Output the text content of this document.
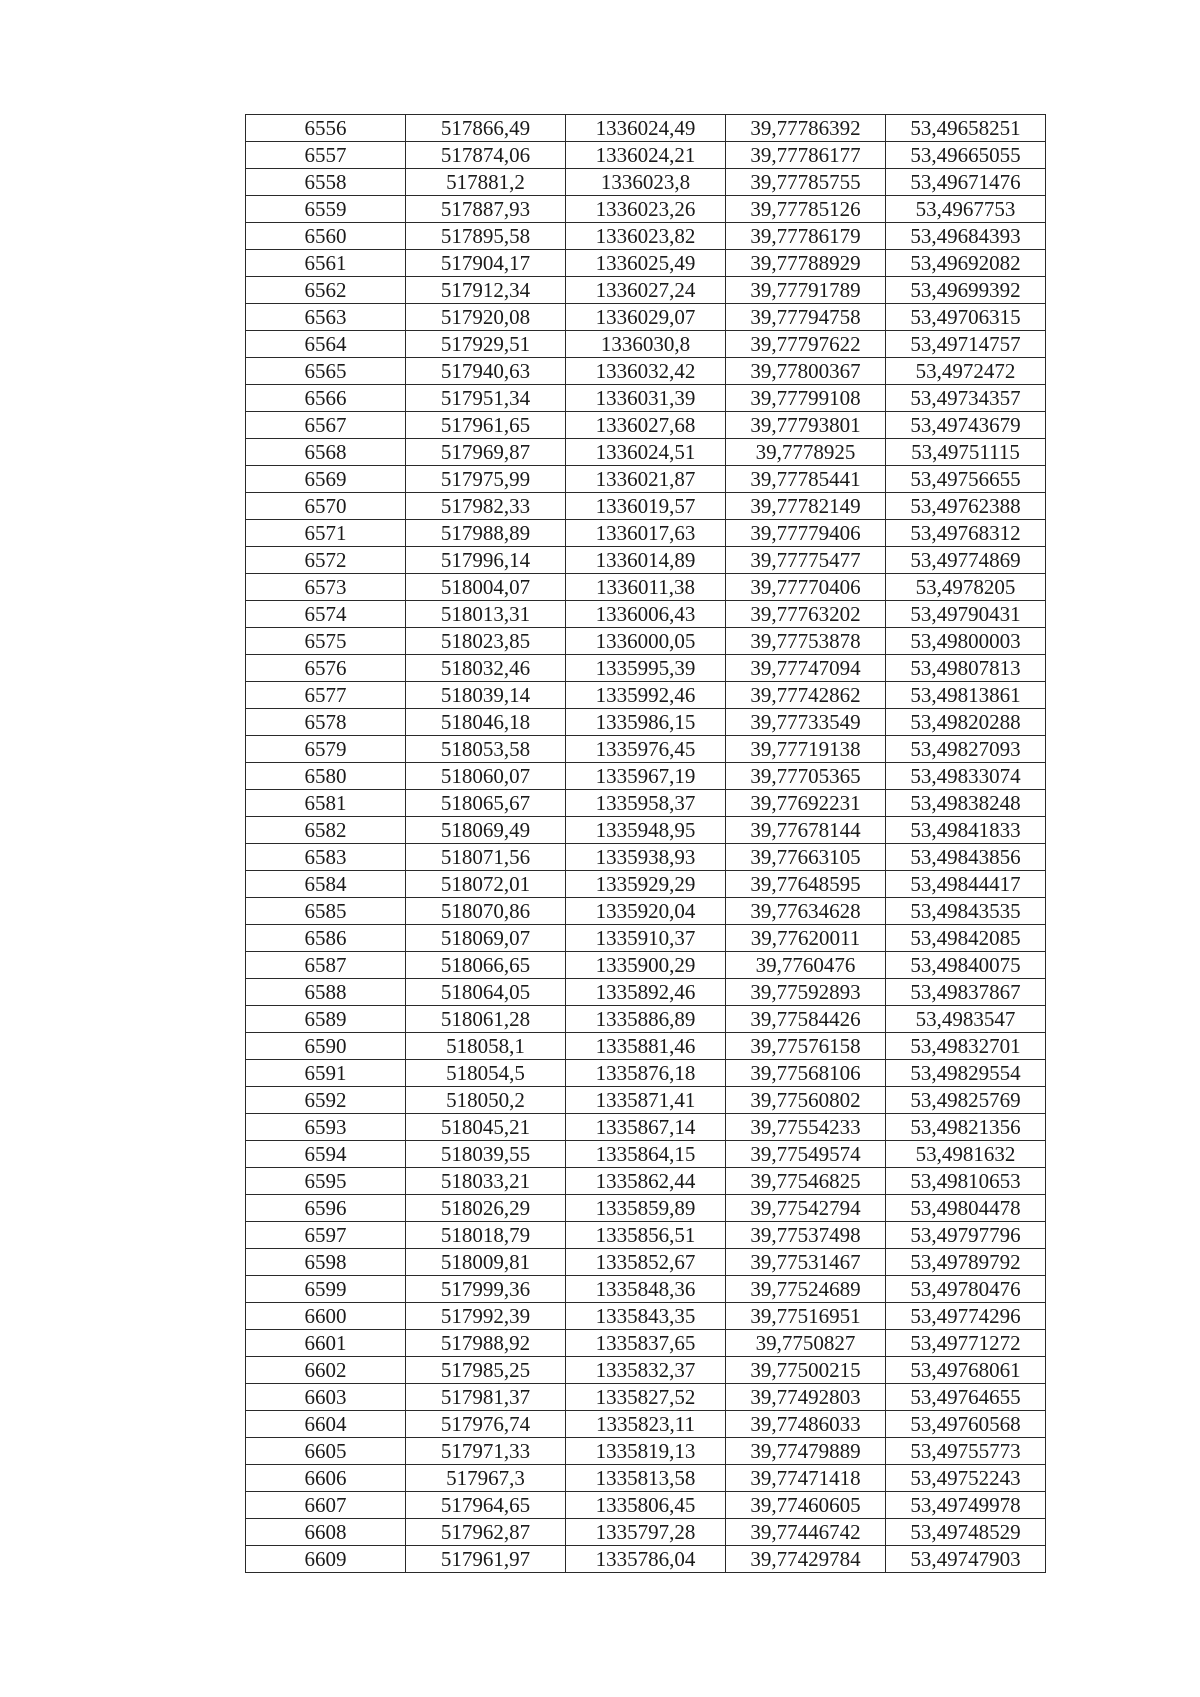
6556	517866,49	1336024,49	39,77786392	53,49658251
6557	517874,06	1336024,21	39,77786177	53,49665055
6558	517881,2	1336023,8	39,77785755	53,49671476
6559	517887,93	1336023,26	39,77785126	53,4967753
6560	517895,58	1336023,82	39,77786179	53,49684393
6561	517904,17	1336025,49	39,77788929	53,49692082
6562	517912,34	1336027,24	39,77791789	53,49699392
6563	517920,08	1336029,07	39,77794758	53,49706315
6564	517929,51	1336030,8	39,77797622	53,49714757
6565	517940,63	1336032,42	39,77800367	53,4972472
6566	517951,34	1336031,39	39,77799108	53,49734357
6567	517961,65	1336027,68	39,77793801	53,49743679
6568	517969,87	1336024,51	39,7778925	53,49751115
6569	517975,99	1336021,87	39,77785441	53,49756655
6570	517982,33	1336019,57	39,77782149	53,49762388
6571	517988,89	1336017,63	39,77779406	53,49768312
6572	517996,14	1336014,89	39,77775477	53,49774869
6573	518004,07	1336011,38	39,77770406	53,4978205
6574	518013,31	1336006,43	39,77763202	53,49790431
6575	518023,85	1336000,05	39,77753878	53,49800003
6576	518032,46	1335995,39	39,77747094	53,49807813
6577	518039,14	1335992,46	39,77742862	53,49813861
6578	518046,18	1335986,15	39,77733549	53,49820288
6579	518053,58	1335976,45	39,77719138	53,49827093
6580	518060,07	1335967,19	39,77705365	53,49833074
6581	518065,67	1335958,37	39,77692231	53,49838248
6582	518069,49	1335948,95	39,77678144	53,49841833
6583	518071,56	1335938,93	39,77663105	53,49843856
6584	518072,01	1335929,29	39,77648595	53,49844417
6585	518070,86	1335920,04	39,77634628	53,49843535
6586	518069,07	1335910,37	39,77620011	53,49842085
6587	518066,65	1335900,29	39,7760476	53,49840075
6588	518064,05	1335892,46	39,77592893	53,49837867
6589	518061,28	1335886,89	39,77584426	53,4983547
6590	518058,1	1335881,46	39,77576158	53,49832701
6591	518054,5	1335876,18	39,77568106	53,49829554
6592	518050,2	1335871,41	39,77560802	53,49825769
6593	518045,21	1335867,14	39,77554233	53,49821356
6594	518039,55	1335864,15	39,77549574	53,4981632
6595	518033,21	1335862,44	39,77546825	53,49810653
6596	518026,29	1335859,89	39,77542794	53,49804478
6597	518018,79	1335856,51	39,77537498	53,49797796
6598	518009,81	1335852,67	39,77531467	53,49789792
6599	517999,36	1335848,36	39,77524689	53,49780476
6600	517992,39	1335843,35	39,77516951	53,49774296
6601	517988,92	1335837,65	39,7750827	53,49771272
6602	517985,25	1335832,37	39,77500215	53,49768061
6603	517981,37	1335827,52	39,77492803	53,49764655
6604	517976,74	1335823,11	39,77486033	53,49760568
6605	517971,33	1335819,13	39,77479889	53,49755773
6606	517967,3	1335813,58	39,77471418	53,49752243
6607	517964,65	1335806,45	39,77460605	53,49749978
6608	517962,87	1335797,28	39,77446742	53,49748529
6609	517961,97	1335786,04	39,77429784	53,49747903
